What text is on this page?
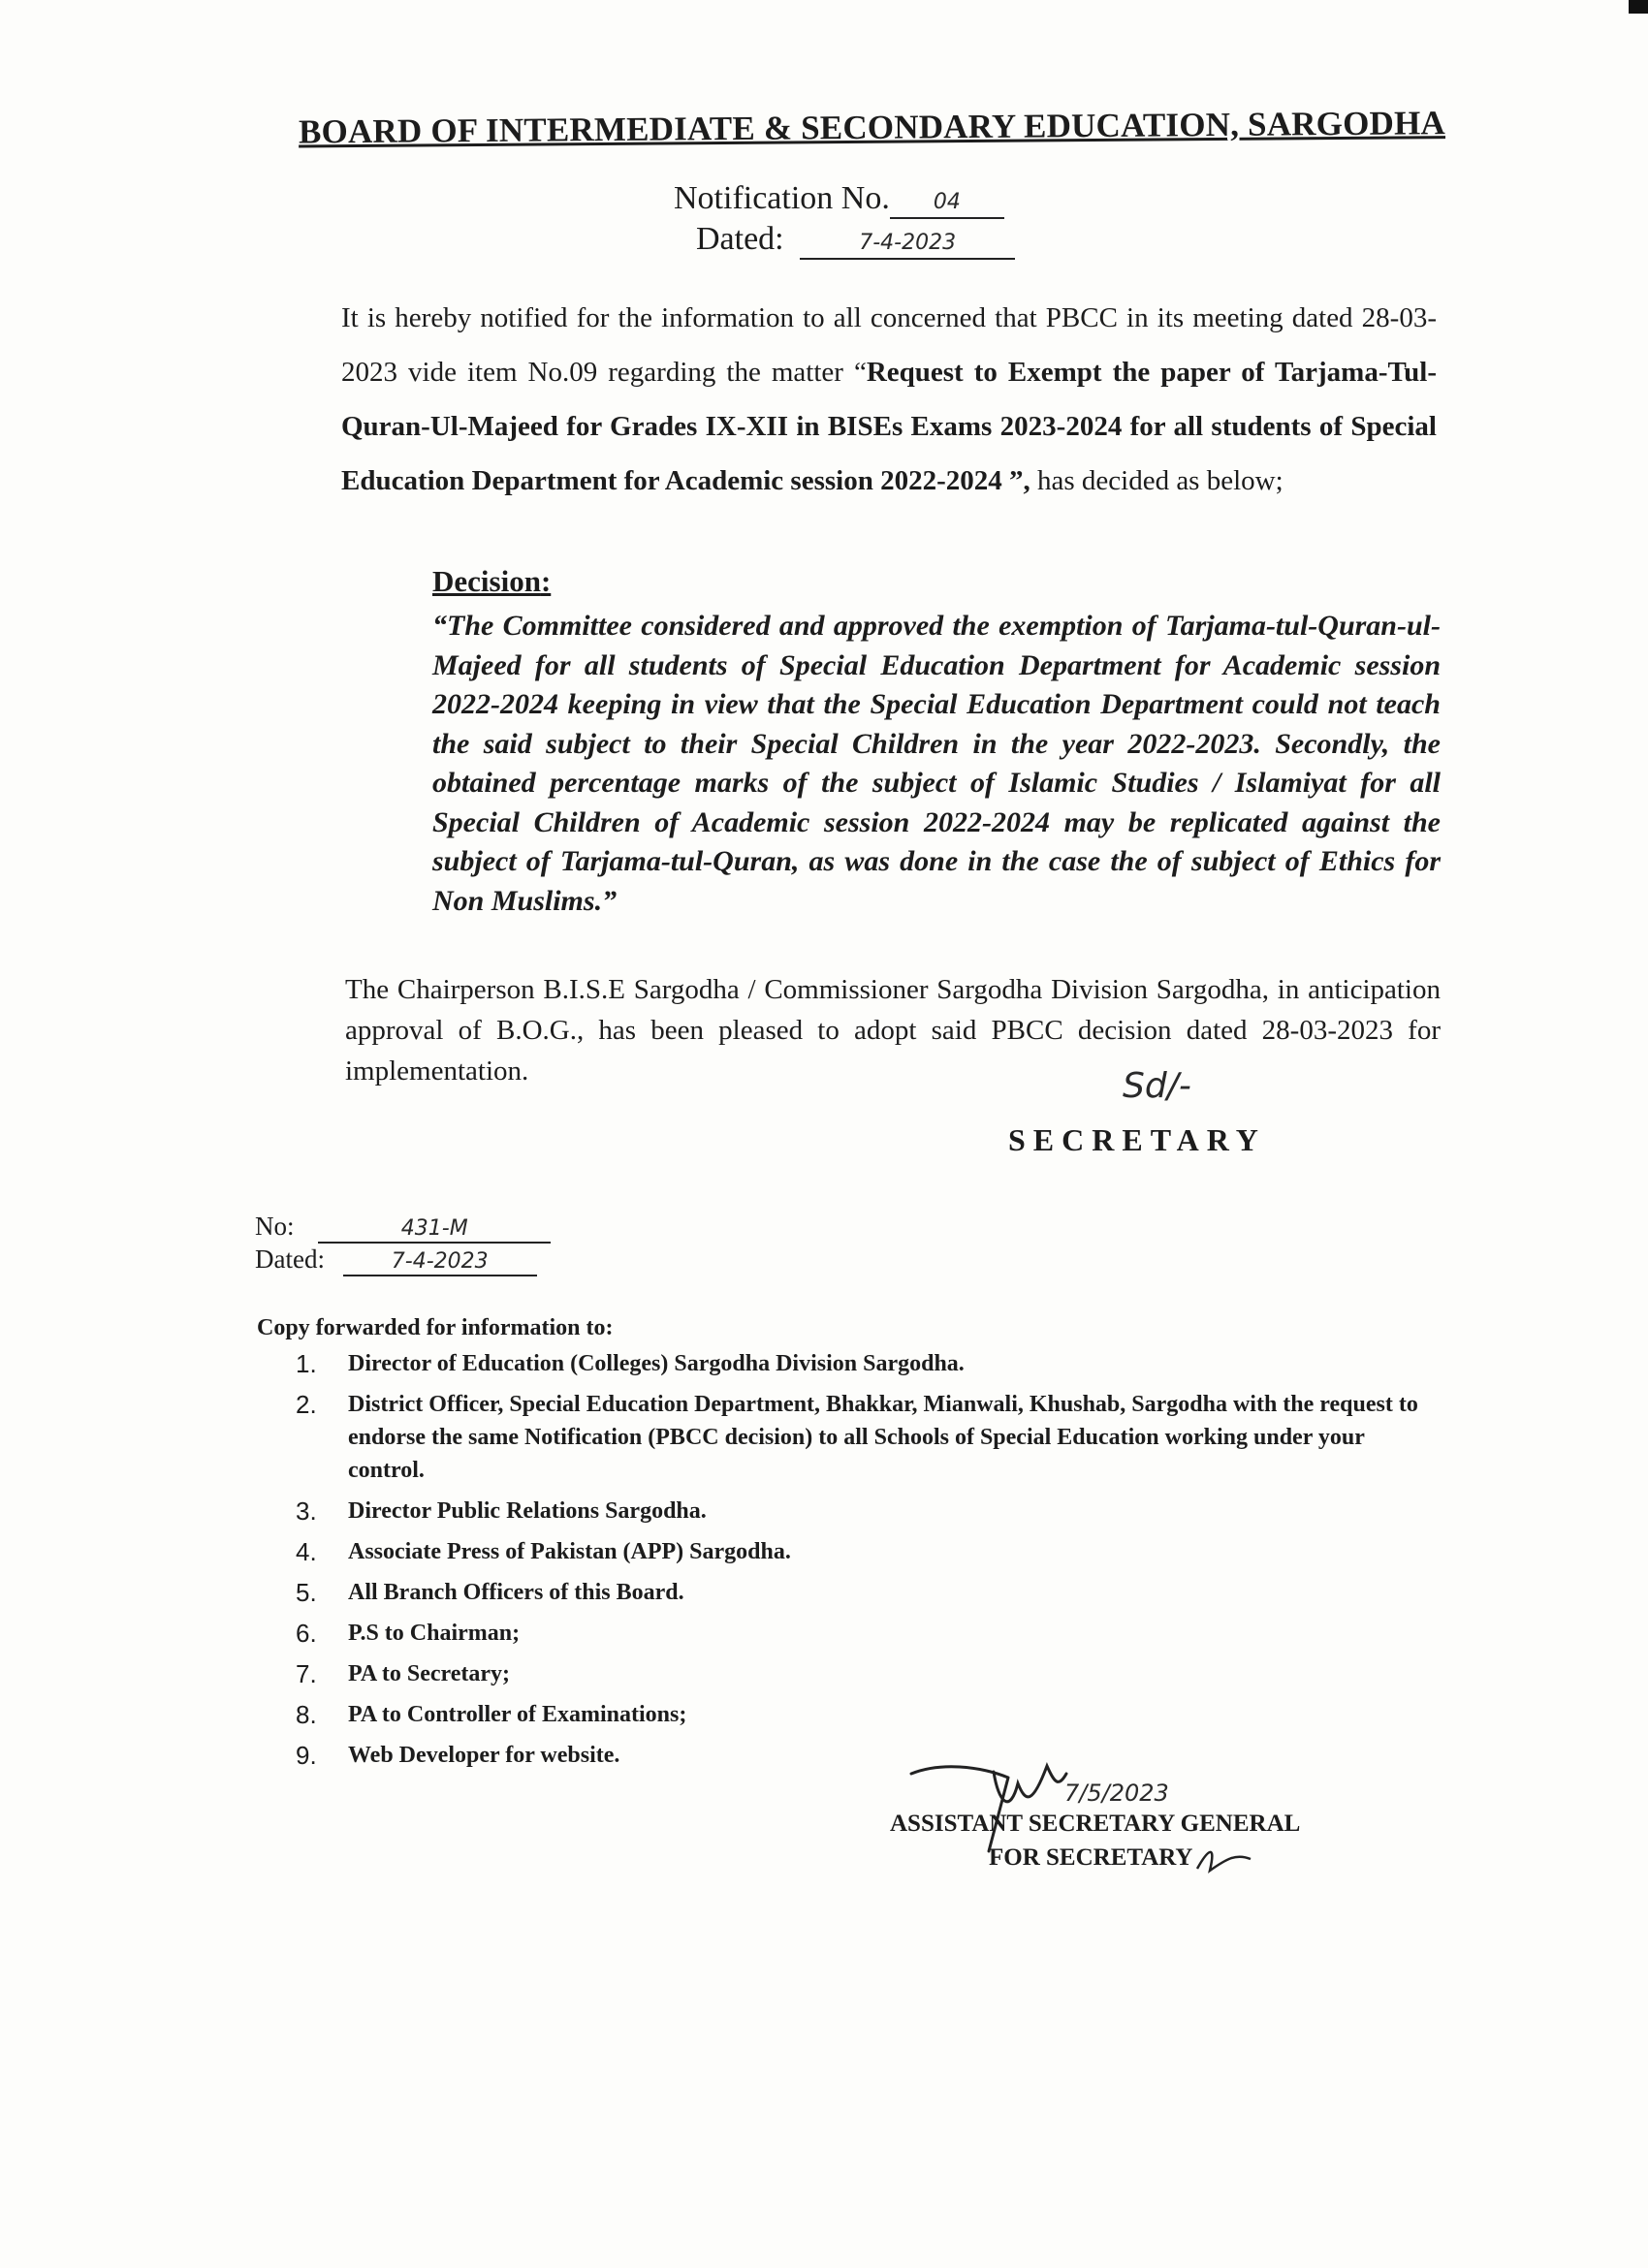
BOARD OF INTERMEDIATE & SECONDARY EDUCATION, SARGODHA
Notification No. 04
Dated:	7-4-2023
It is hereby notified for the information to all concerned that PBCC in its meeting dated 28-03-2023 vide item No.09 regarding the matter “Request to Exempt the paper of Tarjama-Tul-Quran-Ul-Majeed for Grades IX-XII in BISEs Exams 2023-2024 for all students of Special Education Department for Academic session 2022-2024 ”, has decided as below;
Decision:
“The Committee considered and approved the exemption of Tarjama-tul-Quran-ul-Majeed for all students of Special Education Department for Academic session 2022-2024 keeping in view that the Special Education Department could not teach the said subject to their Special Children in the year 2022-2023. Secondly, the obtained percentage marks of the subject of Islamic Studies / Islamiyat for all Special Children of Academic session 2022-2024 may be replicated against the subject of Tarjama-tul-Quran, as was done in the case the of subject of Ethics for Non Muslims.”
The Chairperson B.I.S.E Sargodha / Commissioner Sargodha Division Sargodha, in anticipation approval of B.O.G., has been pleased to adopt said PBCC decision dated 28-03-2023 for implementation.	Sd/-
SECRETARY
No:	431-M
Dated:	7-4-2023
Copy forwarded for information to:
1.	Director of Education (Colleges) Sargodha Division Sargodha.
2.	District Officer, Special Education Department, Bhakkar, Mianwali, Khushab, Sargodha with the request to endorse the same Notification (PBCC decision) to all Schools of Special Education working under your control.
3.	Director Public Relations Sargodha.
4.	Associate Press of Pakistan (APP) Sargodha.
5.	All Branch Officers of this Board.
6.	P.S to Chairman;
7.	PA to Secretary;
8.	PA to Controller of Examinations;
9.	Web Developer for website.
7/5/2023
ASSISTANT SECRETARY GENERAL
FOR SECRETARY
